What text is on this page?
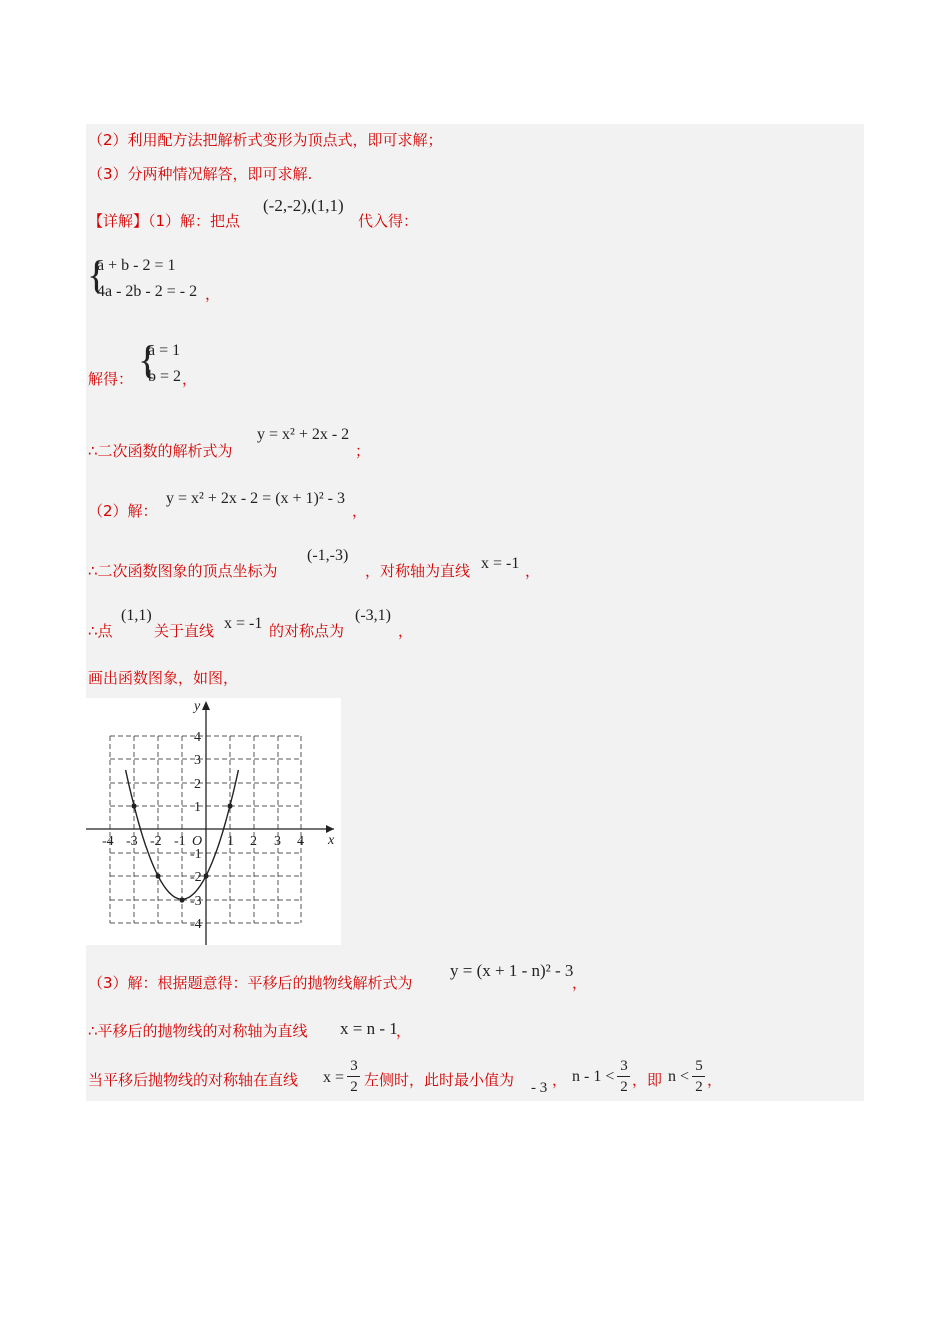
（2）利用配方法把解析式变形为顶点式，即可求解；
（3）分两种情况解答，即可求解.
【详解】（1）解：把点
(-2,-2),(1,1)
代入得：
{
a + b - 2 = 1
4a - 2b - 2 = - 2 ，
解得： {
a = 1
b = 2 ，
∴二次函数的解析式为
y = x² + 2x - 2
；
（2）解：
y = x² + 2x - 2 = (x + 1)² - 3
，
∴二次函数图象的顶点坐标为
(-1,-3)
，对称轴为直线 x = -1 ，
∴点
(1,1)
关于直线 x = -1 的对称点为
(-3,1)
，
画出函数图象，如图，
y
x
O
-4 -3 -2 -1	1 2 3 4
4
3
2
1
-1
-2
-3
-4
（3）解：根据题意得：平移后的抛物线解析式为
y = (x + 1 - n)² - 3
，
∴平移后的抛物线的对称轴为直线 x = n - 1
，
当平移后抛物线的对称轴在直线 x =
3
2 左侧时，此时最小值为 - 3 ， n - 1 <
3
2 ，即 n <
5
2 ，
